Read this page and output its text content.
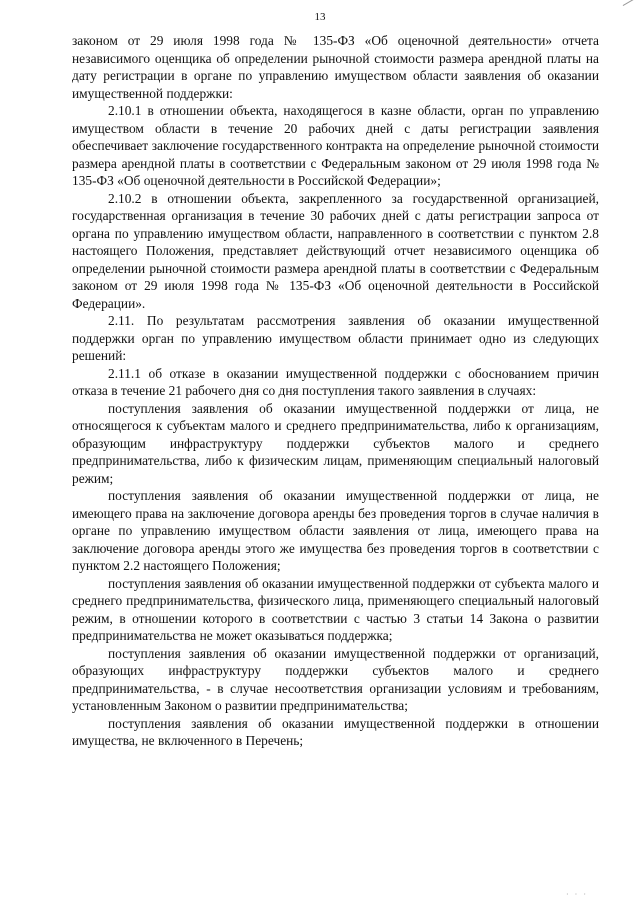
13

законом от 29 июля 1998 года № 135-ФЗ «Об оценочной деятельности» отчета независимого оценщика об определении рыночной стоимости размера арендной платы на дату регистрации в органе по управлению имуществом области заявления об оказании имущественной поддержки:

2.10.1 в отношении объекта, находящегося в казне области, орган по управлению имуществом области в течение 20 рабочих дней с даты регистрации заявления обеспечивает заключение государственного контракта на определение рыночной стоимости размера арендной платы в соответствии с Федеральным законом от 29 июля 1998 года № 135-ФЗ «Об оценочной деятельности в Российской Федерации»;

2.10.2 в отношении объекта, закрепленного за государственной организацией, государственная организация в течение 30 рабочих дней с даты регистрации запроса от органа по управлению имуществом области, направленного в соответствии с пунктом 2.8 настоящего Положения, представляет действующий отчет независимого оценщика об определении рыночной стоимости размера арендной платы в соответствии с Федеральным законом от 29 июля 1998 года № 135-ФЗ «Об оценочной деятельности в Российской Федерации».

2.11. По результатам рассмотрения заявления об оказании имущественной поддержки орган по управлению имуществом области принимает одно из следующих решений:

2.11.1 об отказе в оказании имущественной поддержки с обоснованием причин отказа в течение 21 рабочего дня со дня поступления такого заявления в случаях:

поступления заявления об оказании имущественной поддержки от лица, не относящегося к субъектам малого и среднего предпринимательства, либо к организациям, образующим инфраструктуру поддержки субъектов малого и среднего предпринимательства, либо к физическим лицам, применяющим специальный налоговый режим;

поступления заявления об оказании имущественной поддержки от лица, не имеющего права на заключение договора аренды без проведения торгов в случае наличия в органе по управлению имуществом области заявления от лица, имеющего права на заключение договора аренды этого же имущества без проведения торгов в соответствии с пунктом 2.2 настоящего Положения;

поступления заявления об оказании имущественной поддержки от субъекта малого и среднего предпринимательства, физического лица, применяющего специальный налоговый режим, в отношении которого в соответствии с частью 3 статьи 14 Закона о развитии предпринимательства не может оказываться поддержка;

поступления заявления об оказании имущественной поддержки от организаций, образующих инфраструктуру поддержки субъектов малого и среднего предпринимательства, - в случае несоответствия организации условиям и требованиям, установленным Законом о развитии предпринимательства;

поступления заявления об оказании имущественной поддержки в отношении имущества, не включенного в Перечень;

· · ·
